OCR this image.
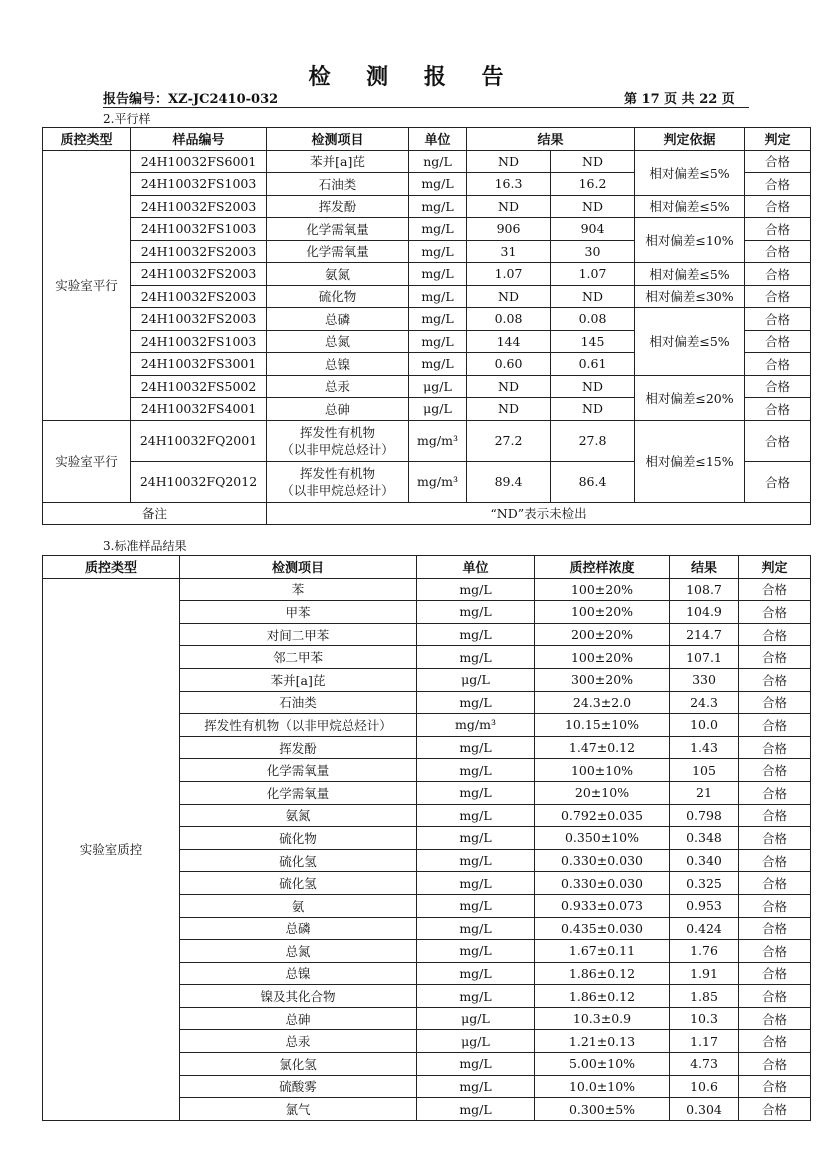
检 测 报 告
报告编号：XZ-JC2410-032	第 17 页 共 22 页
2.平行样
质控类型	样品编号	检测项目	单位	结果		判定依据	判定
实验室平行	24H10032FS6001	苯并[a]芘	ng/L	ND	ND	相对偏差≤5%	合格
	24H10032FS1003	石油类	mg/L	16.3	16.2		合格
	24H10032FS2003	挥发酚	mg/L	ND	ND	相对偏差≤5%	合格
	24H10032FS1003	化学需氧量	mg/L	906	904	相对偏差≤10%	合格
	24H10032FS2003	化学需氧量	mg/L	31	30		合格
	24H10032FS2003	氨氮	mg/L	1.07	1.07	相对偏差≤5%	合格
	24H10032FS2003	硫化物	mg/L	ND	ND	相对偏差≤30%	合格
	24H10032FS2003	总磷	mg/L	0.08	0.08	相对偏差≤5%	合格
	24H10032FS1003	总氮	mg/L	144	145		合格
	24H10032FS3001	总镍	mg/L	0.60	0.61		合格
	24H10032FS5002	总汞	μg/L	ND	ND	相对偏差≤20%	合格
	24H10032FS4001	总砷	μg/L	ND	ND		合格
实验室平行	24H10032FQ2001	挥发性有机物
（以非甲烷总烃计）	mg/m³	27.2	27.8	相对偏差≤15%	合格
	24H10032FQ2012	挥发性有机物
（以非甲烷总烃计）	mg/m³	89.4	86.4		合格
备注		“ND”表示未检出					
3.标准样品结果
质控类型	检测项目	单位	质控样浓度	结果	判定
实验室质控	苯	mg/L	100±20%	108.7	合格
	甲苯	mg/L	100±20%	104.9	合格
	对间二甲苯	mg/L	200±20%	214.7	合格
	邻二甲苯	mg/L	100±20%	107.1	合格
	苯并[a]芘	μg/L	300±20%	330	合格
	石油类	mg/L	24.3±2.0	24.3	合格
	挥发性有机物（以非甲烷总烃计）	mg/m³	10.15±10%	10.0	合格
	挥发酚	mg/L	1.47±0.12	1.43	合格
	化学需氧量	mg/L	100±10%	105	合格
	化学需氧量	mg/L	20±10%	21	合格
	氨氮	mg/L	0.792±0.035	0.798	合格
	硫化物	mg/L	0.350±10%	0.348	合格
	硫化氢	mg/L	0.330±0.030	0.340	合格
	硫化氢	mg/L	0.330±0.030	0.325	合格
	氨	mg/L	0.933±0.073	0.953	合格
	总磷	mg/L	0.435±0.030	0.424	合格
	总氮	mg/L	1.67±0.11	1.76	合格
	总镍	mg/L	1.86±0.12	1.91	合格
	镍及其化合物	mg/L	1.86±0.12	1.85	合格
	总砷	μg/L	10.3±0.9	10.3	合格
	总汞	μg/L	1.21±0.13	1.17	合格
	氯化氢	mg/L	5.00±10%	4.73	合格
	硫酸雾	mg/L	10.0±10%	10.6	合格
	氯气	mg/L	0.300±5%	0.304	合格
